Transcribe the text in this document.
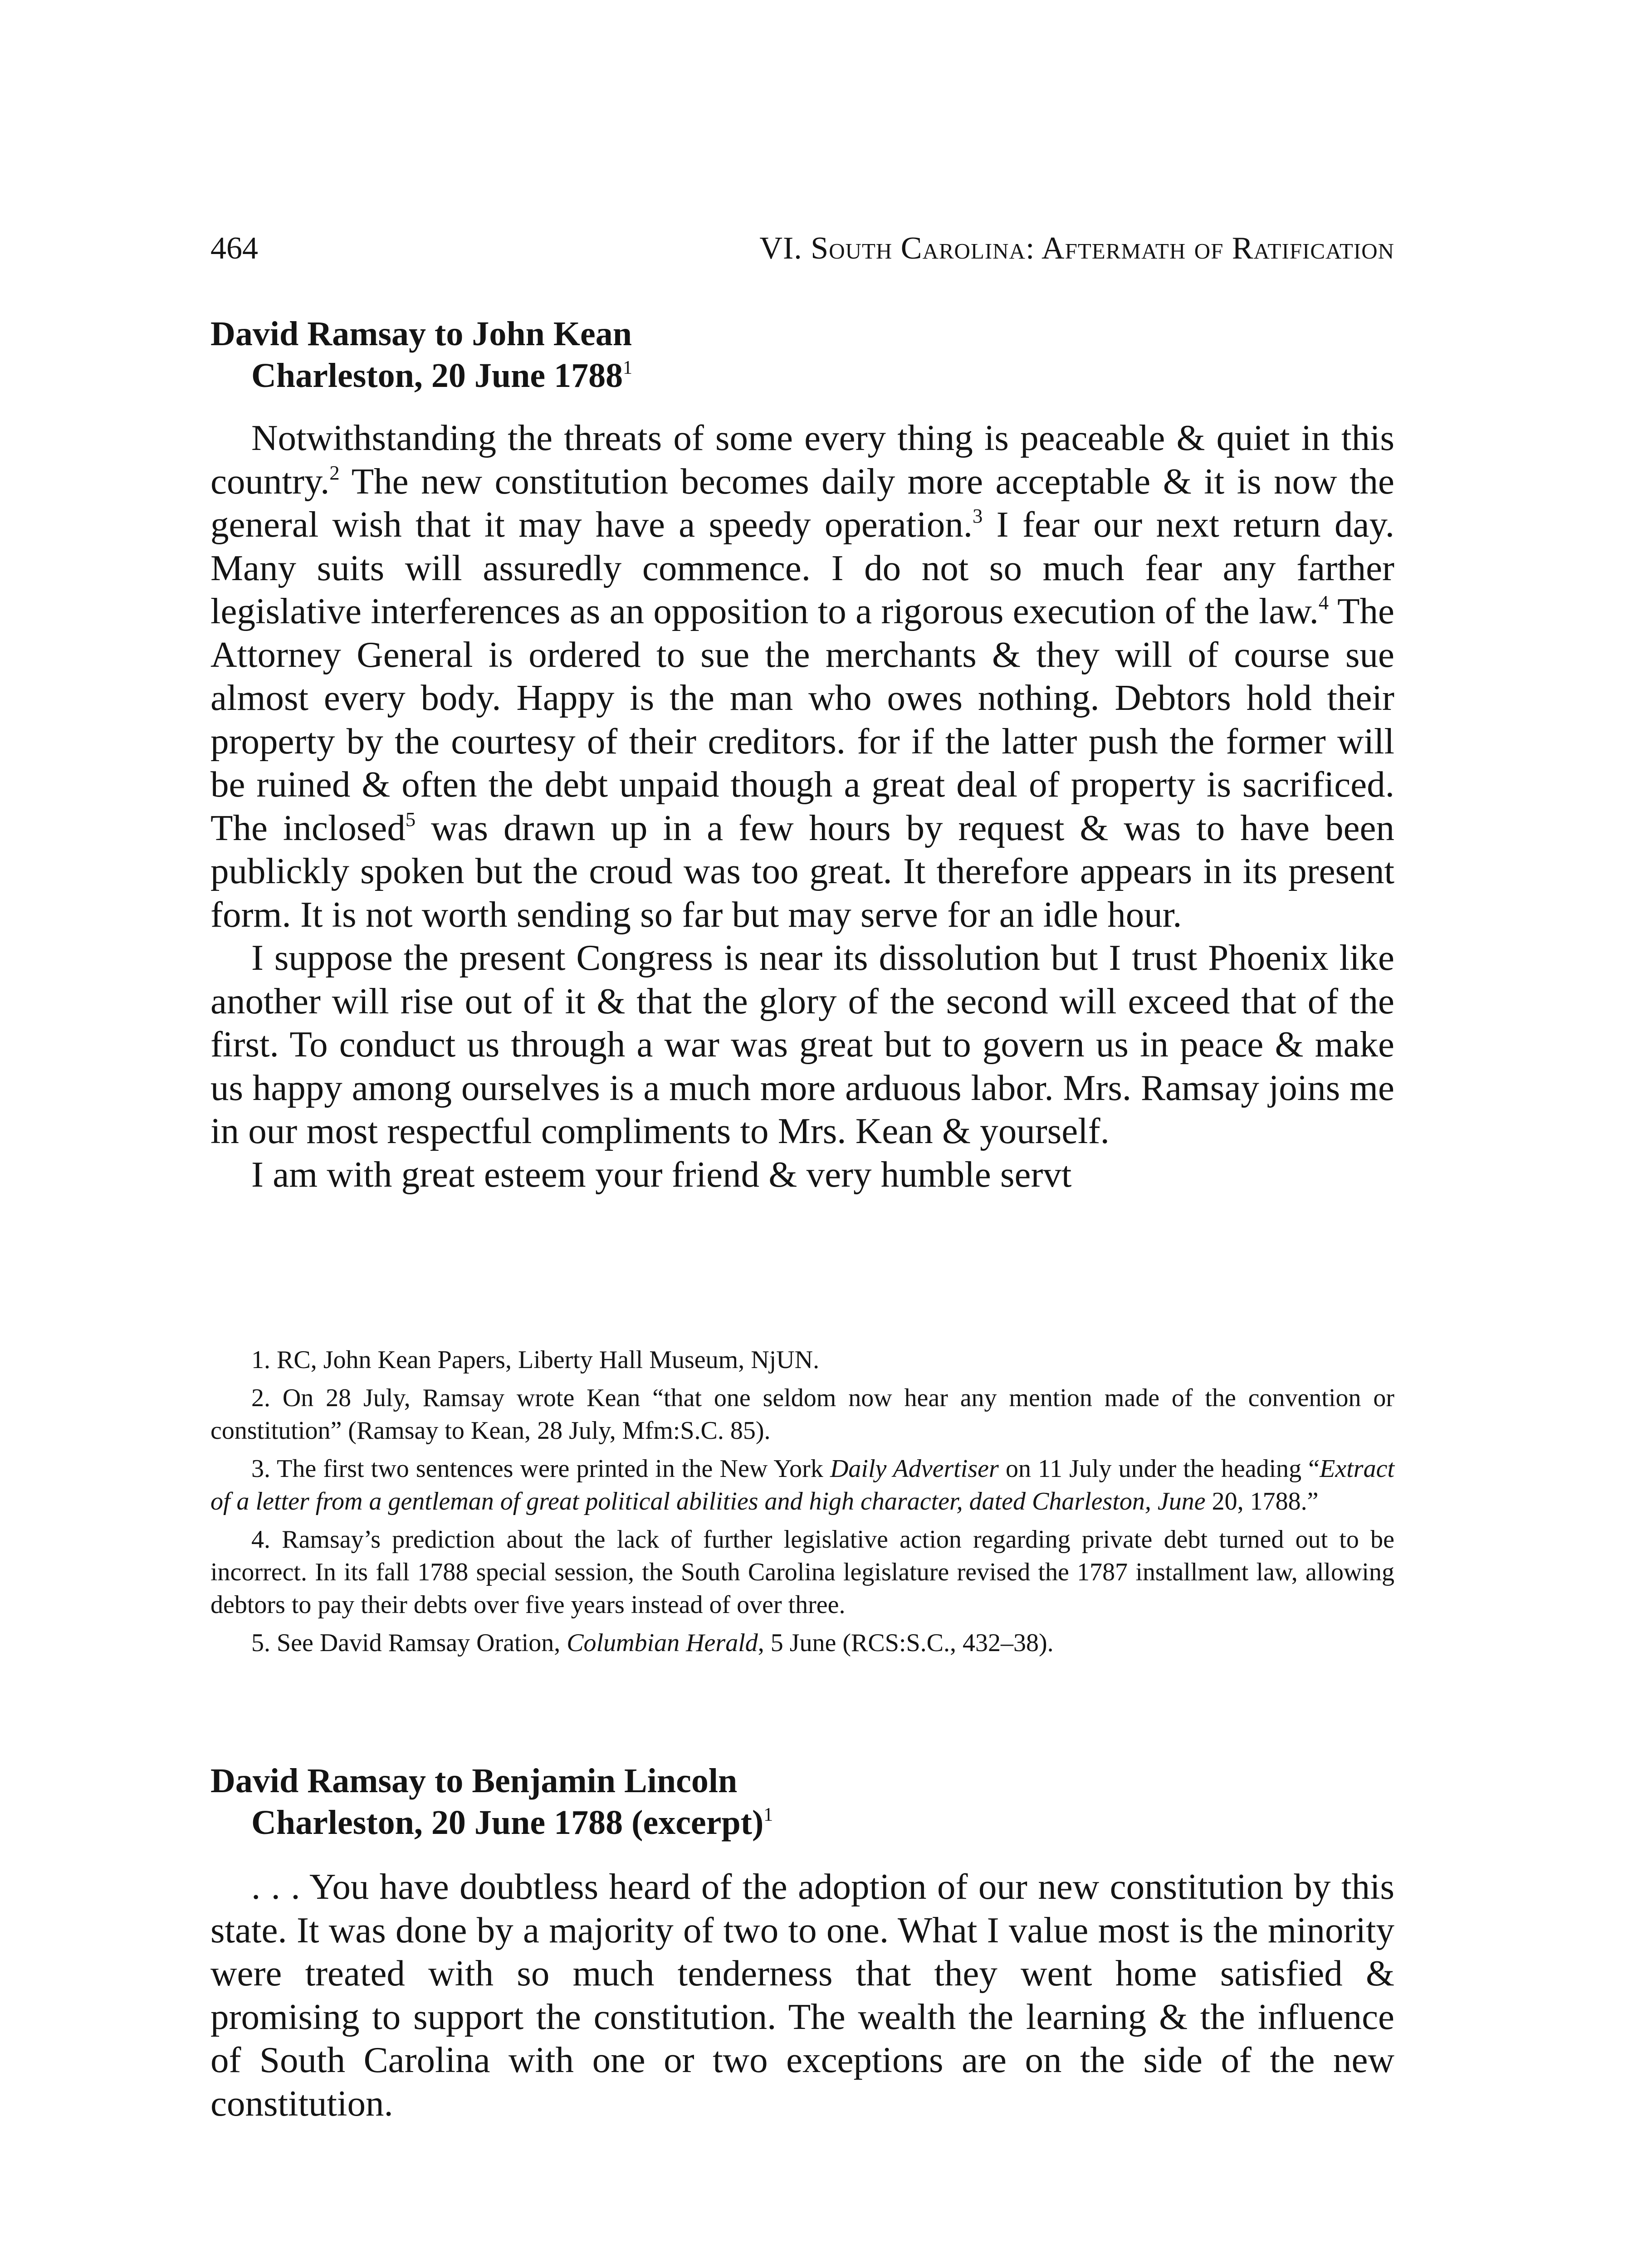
464	VI. South Carolina: Aftermath of Ratification
David Ramsay to John Kean
Charleston, 20 June 1788$^1$

Notwithstanding the threats of some every thing is peaceable & quiet in this country.$^2$ The new constitution becomes daily more acceptable & it is now the general wish that it may have a speedy operation.$^3$ I fear our next return day. Many suits will assuredly commence. I do not so much fear any farther legislative interferences as an opposition to a rigorous execution of the law.$^4$ The Attorney General is ordered to sue the merchants & they will of course sue almost every body. Happy is the man who owes nothing. Debtors hold their property by the courtesy of their creditors. for if the latter push the former will be ruined & often the debt unpaid though a great deal of property is sacrificed. The inclosed$^5$ was drawn up in a few hours by request & was to have been publickly spoken but the croud was too great. It therefore appears in its present form. It is not worth sending so far but may serve for an idle hour.

I suppose the present Congress is near its dissolution but I trust Phoenix like another will rise out of it & that the glory of the second will exceed that of the first. To conduct us through a war was great but to govern us in peace & make us happy among ourselves is a much more arduous labor. Mrs. Ramsay joins me in our most respectful compliments to Mrs. Kean & yourself.

I am with great esteem your friend & very humble servt

1. RC, John Kean Papers, Liberty Hall Museum, NjUN.

2. On 28 July, Ramsay wrote Kean “that one seldom now hear any mention made of the convention or constitution” (Ramsay to Kean, 28 July, Mfm:S.C. 85).

3. The first two sentences were printed in the New York Daily Advertiser on 11 July under the heading “Extract of a letter from a gentleman of great political abilities and high character, dated Charleston, June 20, 1788.”

4. Ramsay’s prediction about the lack of further legislative action regarding private debt turned out to be incorrect. In its fall 1788 special session, the South Carolina legislature revised the 1787 installment law, allowing debtors to pay their debts over five years instead of over three.

5. See David Ramsay Oration, Columbian Herald, 5 June (RCS:S.C., 432–38).

David Ramsay to Benjamin Lincoln
Charleston, 20 June 1788 (excerpt)$^1$

. . . You have doubtless heard of the adoption of our new constitution by this state. It was done by a majority of two to one. What I value most is the minority were treated with so much tenderness that they went home satisfied & promising to support the constitution. The wealth the learning & the influence of South Carolina with one or two exceptions are on the side of the new constitution.
